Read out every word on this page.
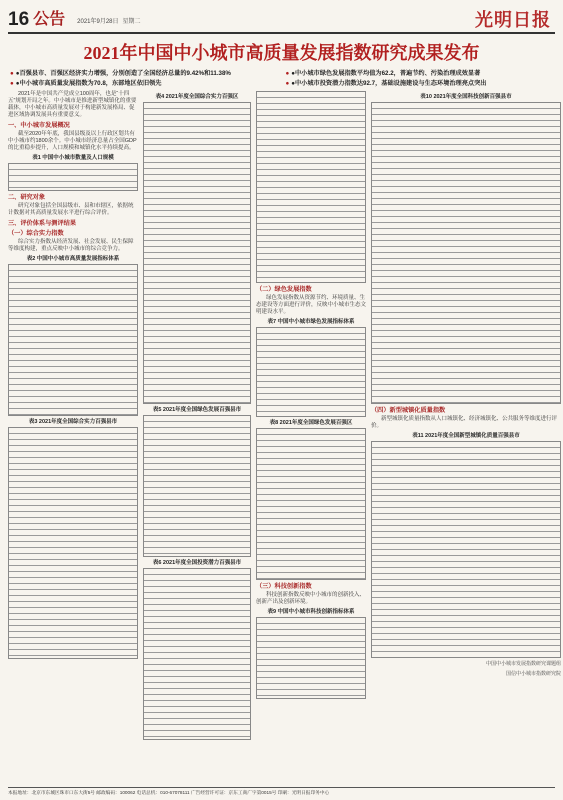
16 公告 2021年9月28日 星期二	光明日报
2021年中国中小城市高质量发展指数研究成果发布
● ●百强县市、百强区经济实力增强，分别创造了全国经济总量的9.42%和11.38%	● ●中小城市绿色发展指数平均值为62.2，普遍节约、污染治理成效显著
● ●中小城市高质量发展指数为70.8，东部地区依旧领先	● ●中小城市投资潜力指数达92.7，基础设施建设与生态环境治理亮点突出

2021年是中国共产党成立100周年，也是“十四五”规划开局之年。中小城市是推进新型城镇化的重要载体，中小城市高质量发展对于构建新发展格局、促进区域协调发展具有重要意义。

一、中小城市发展概况

截至2020年年底，我国县级及以上行政区划共有中小城市约1800余个。中小城市经济总量占全国GDP的比重稳步提升，人口规模和城镇化水平持续提高。

表1 中国中小城市数量及人口规模
二、研究对象

研究对象包括全国县级市、县和市辖区，依据统计数据对其高质量发展水平进行综合评价。

三、评价体系与测评结果
（一）综合实力指数

综合实力指数从经济发展、社会发展、民生保障等维度构建，重点反映中小城市的综合竞争力。

表2 中国中小城市高质量发展指标体系
表3 2021年度全国综合实力百强县市
表4 2021年度全国综合实力百强区
表5 2021年度全国绿色发展百强县市
表6 2021年度全国投资潜力百强县市
（二）绿色发展指数

绿色发展指数从资源节约、环境质量、生态建设等方面进行评价，反映中小城市生态文明建设水平。

表7 中国中小城市绿色发展指标体系
表8 2021年度全国绿色发展百强区
（三）科技创新指数

科技创新指数反映中小城市的创新投入、创新产出及创新环境。

表9 中国中小城市科技创新指标体系
表10 2021年度全国科技创新百强县市
（四）新型城镇化质量指数

新型城镇化质量指数从人口城镇化、经济城镇化、公共服务等维度进行评价。

表11 2021年度全国新型城镇化质量百强县市
中国中小城市发展指数研究课题组
国信中小城市指数研究院
本报地址：北京市东城区珠市口东大街5号 邮政编码：100062 电话总机：010-67078111 广告经营许可证：京东工商广字第0015号 印刷：光明日报印务中心
